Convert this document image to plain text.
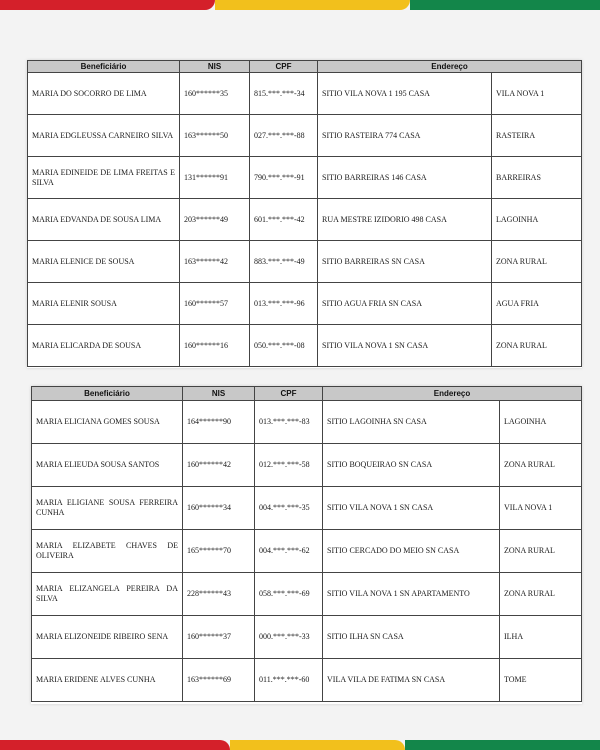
Beneficiário	NIS	CPF	Endereço	
MARIA DO SOCORRO DE LIMA	160******35	815.***.***-34	SITIO VILA NOVA 1 195 CASA	VILA NOVA 1
MARIA EDGLEUSSA CARNEIRO SILVA	163******50	027.***.***-88	SITIO RASTEIRA 774 CASA	RASTEIRA
MARIA EDINEIDE DE LIMA FREITAS E SILVA	131******91	790.***.***-91	SITIO BARREIRAS 146 CASA	BARREIRAS
MARIA EDVANDA DE SOUSA LIMA	203******49	601.***.***-42	RUA MESTRE IZIDORIO 498 CASA	LAGOINHA
MARIA ELENICE DE SOUSA	163******42	883.***.***-49	SITIO BARREIRAS SN CASA	ZONA RURAL
MARIA ELENIR SOUSA	160******57	013.***.***-96	SITIO AGUA FRIA SN CASA	AGUA FRIA
MARIA ELICARDA DE SOUSA	160******16	050.***.***-08	SITIO VILA NOVA 1 SN CASA	ZONA RURAL
Beneficiário	NIS	CPF	Endereço	
MARIA ELICIANA GOMES SOUSA	164******90	013.***.***-83	SITIO LAGOINHA SN CASA	LAGOINHA
MARIA ELIEUDA SOUSA SANTOS	160******42	012.***.***-58	SITIO BOQUEIRAO SN CASA	ZONA RURAL
MARIA ELIGIANE SOUSA FERREIRA CUNHA	160******34	004.***.***-35	SITIO VILA NOVA 1 SN CASA	VILA NOVA 1
MARIA ELIZABETE CHAVES DE OLIVEIRA	165******70	004.***.***-62	SITIO CERCADO DO MEIO SN CASA	ZONA RURAL
MARIA ELIZANGELA PEREIRA DA SILVA	228******43	058.***.***-69	SITIO VILA NOVA 1 SN APARTAMENTO	ZONA RURAL
MARIA ELIZONEIDE RIBEIRO SENA	160******37	000.***.***-33	SITIO ILHA SN CASA	ILHA
MARIA ERIDENE ALVES CUNHA	163******69	011.***.***-60	VILA VILA DE FATIMA SN CASA	TOME
